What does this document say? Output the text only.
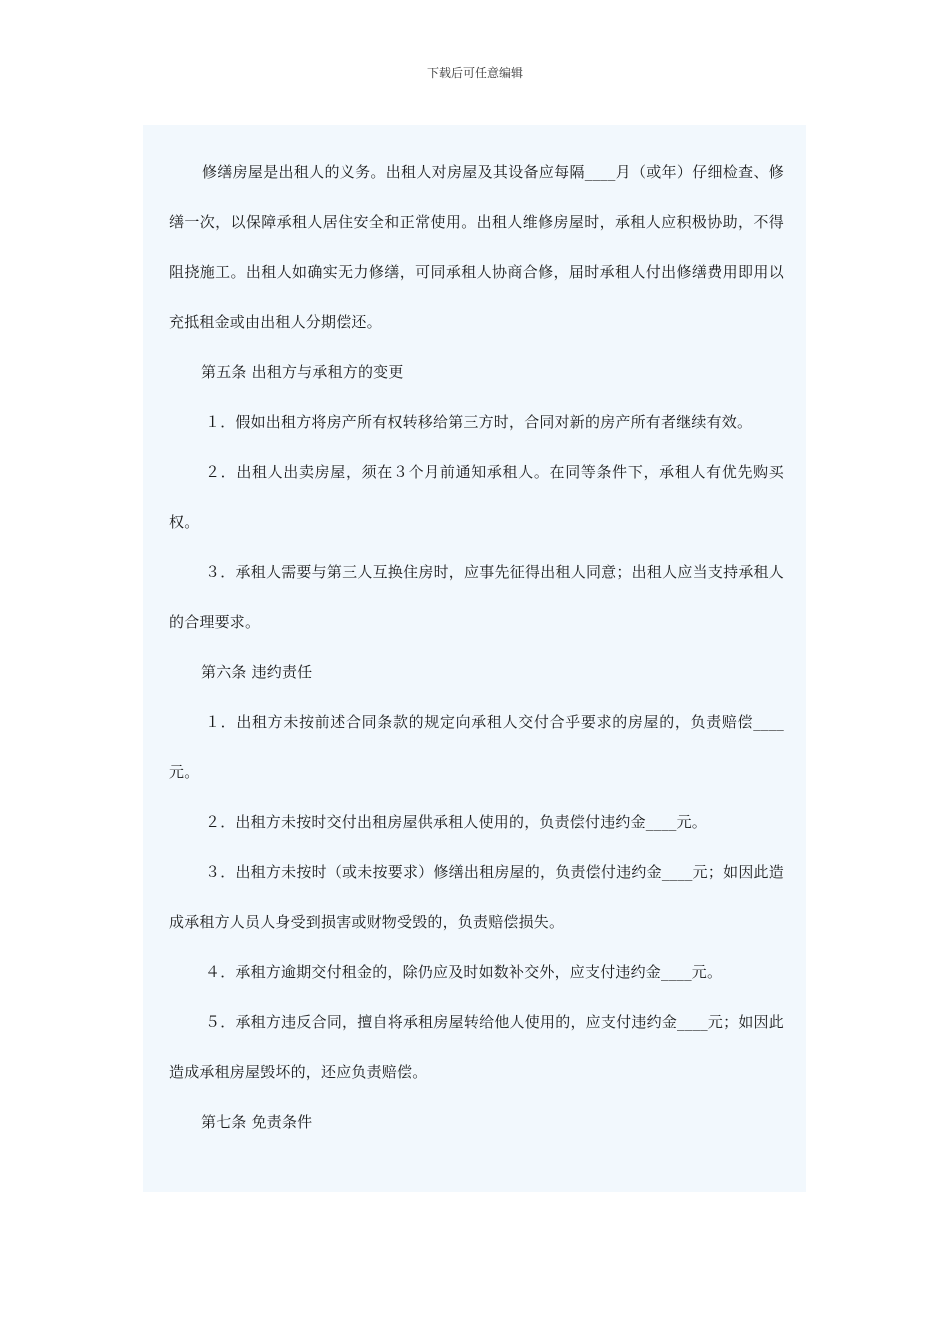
下载后可任意编辑

修缮房屋是出租人的义务。出租人对房屋及其设备应每隔____月（或年）仔细检查、修缮一次，以保障承租人居住安全和正常使用。出租人维修房屋时，承租人应积极协助，不得阻挠施工。出租人如确实无力修缮，可同承租人协商合修，届时承租人付出修缮费用即用以充抵租金或由出租人分期偿还。

第五条 出租方与承租方的变更

１．假如出租方将房产所有权转移给第三方时，合同对新的房产所有者继续有效。

２．出租人出卖房屋，须在３个月前通知承租人。在同等条件下，承租人有优先购买权。

３．承租人需要与第三人互换住房时，应事先征得出租人同意；出租人应当支持承租人的合理要求。

第六条 违约责任

１．出租方未按前述合同条款的规定向承租人交付合乎要求的房屋的，负责赔偿____元。

２．出租方未按时交付出租房屋供承租人使用的，负责偿付违约金____元。

３．出租方未按时（或未按要求）修缮出租房屋的，负责偿付违约金____元；如因此造成承租方人员人身受到损害或财物受毁的，负责赔偿损失。

４．承租方逾期交付租金的，除仍应及时如数补交外，应支付违约金____元。

５．承租方违反合同，擅自将承租房屋转给他人使用的，应支付违约金____元；如因此造成承租房屋毁坏的，还应负责赔偿。

第七条 免责条件
